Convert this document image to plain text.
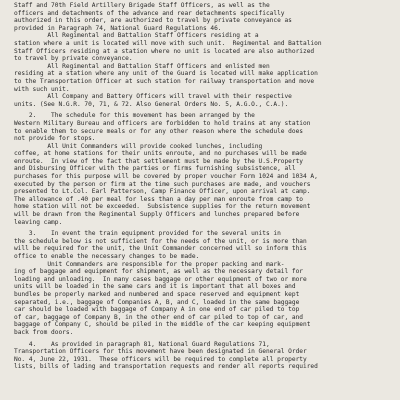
Staff and 70th Field Artillery Brigade Staff Officers, as well as the
officers and detachments of the advance and rear detachments specifically
authorized in this order, are authorized to travel by private conveyance as
provided in Paragraph 74, National Guard Regulations 46.
All Regimental and Battalion Staff Officers residing at a
station where a unit is located will move with such unit.  Regimental and Battalion
Staff Officers residing at a station where no unit is located are also authorized
to travel by private conveyance.
All Regimental and Battalion Staff Officers and enlisted men
residing at a station where any unit of the Guard is located will make application
to the Transportation Officer at such station for railway transportation and move
with such unit.
All Company and Battery Officers will travel with their respective
units. (See N.G.R. 70, 71, & 72. Also General Orders No. 5, A.G.O., C.A.).
2.    The schedule for this movement has been arranged by the
Western Military Bureau and officers are forbidden to hold trains at any station
to enable them to secure meals or for any other reason where the schedule does
not provide for stops.
All Unit Commanders will provide cooked lunches, including
coffee, at home stations for their units enroute, and no purchases will be made
enroute.  In view of the fact that settlement must be made by the U.S.Property
and Disbursing Officer with the parties or firms furnishing subsistence, all
purchases for this purpose will be covered by proper voucher Form 1024 and 1034 A,
executed by the person or firm at the time such purchases are made, and vouchers
presented to Lt.Col. Earl Patterson, Camp Finance Officer, upon arrival at camp.
The allowance of .40 per meal for less than a day per man enroute from camp to
home station will not be exceeded.  Subsistence supplies for the return movement
will be drawn from the Regimental Supply Officers and lunches prepared before
leaving camp.
3.    In event the train equipment provided for the several units in
the schedule below is not sufficient for the needs of the unit, or is more than
will be required for the unit, the Unit Commander concerned will so inform this
office to enable the necessary changes to be made.
Unit Commanders are responsible for the proper packing and mark-
ing of baggage and equipment for shipment, as well as the necessary detail for
loading and unloading.  In many cases baggage or other equipment of two or more
units will be loaded in the same cars and it is important that all boxes and
bundles be properly marked and numbered and space reserved and equipment kept
separated, i.e., baggage of Companies A, B, and C, loaded in the same baggage
car should be loaded with baggage of Company A in one end of car piled to top
of car, baggage of Company B, in the other end of car piled to top of car, and
baggage of Company C, should be piled in the middle of the car keeping equipment
back from doors.
4.    As provided in paragraph 81, National Guard Regulations 71,
Transportation Officers for this movement have been designated in General Order
No. 4, June 22, 1931.  These officers will be required to complete all property
lists, bills of lading and transportation requests and render all reports required
